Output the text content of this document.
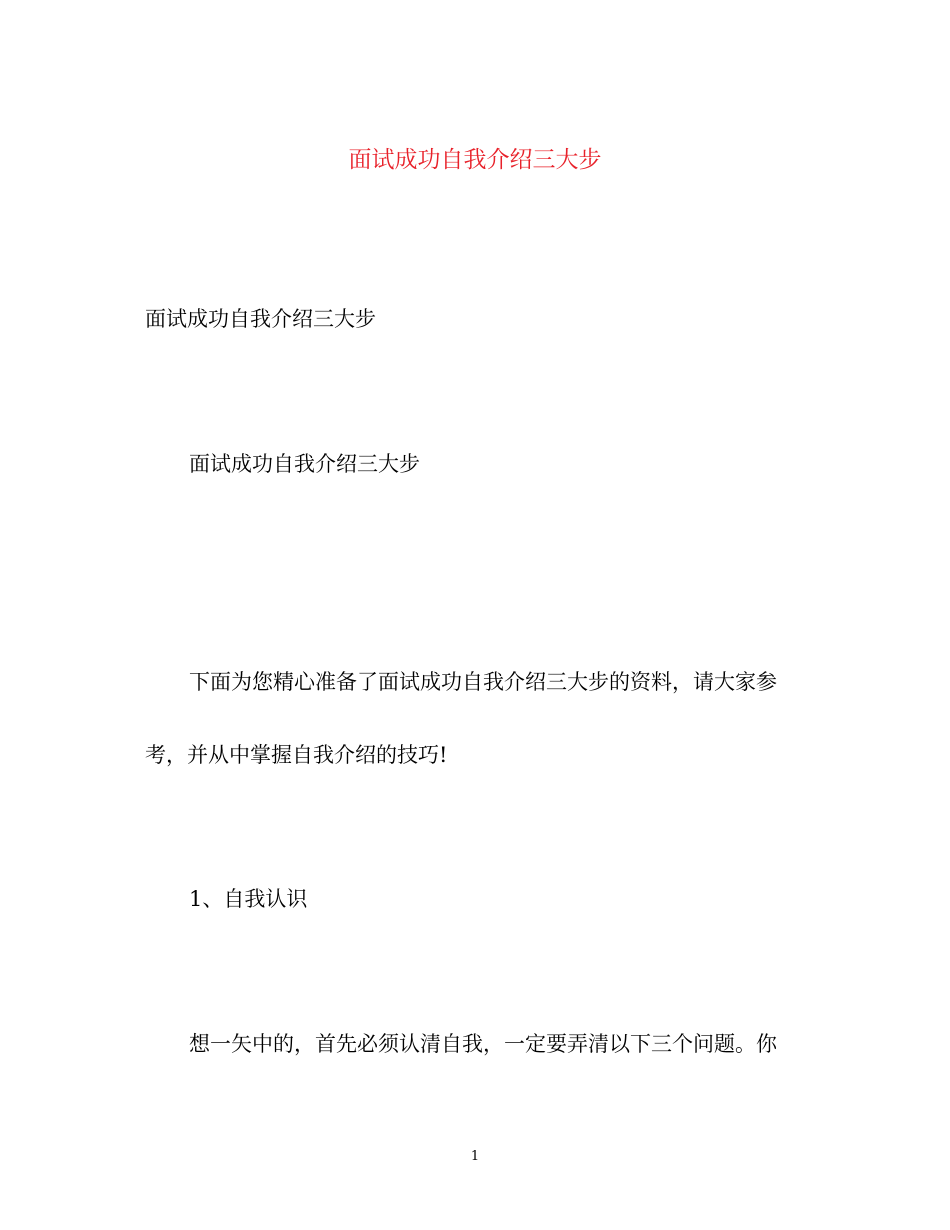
面试成功自我介绍三大步
面试成功自我介绍三大步
面试成功自我介绍三大步
下面为您精心准备了面试成功自我介绍三大步的资料，请大家参
考，并从中掌握自我介绍的技巧!
1、自我认识
想一矢中的，首先必须认清自我，一定要弄清以下三个问题。你
1
